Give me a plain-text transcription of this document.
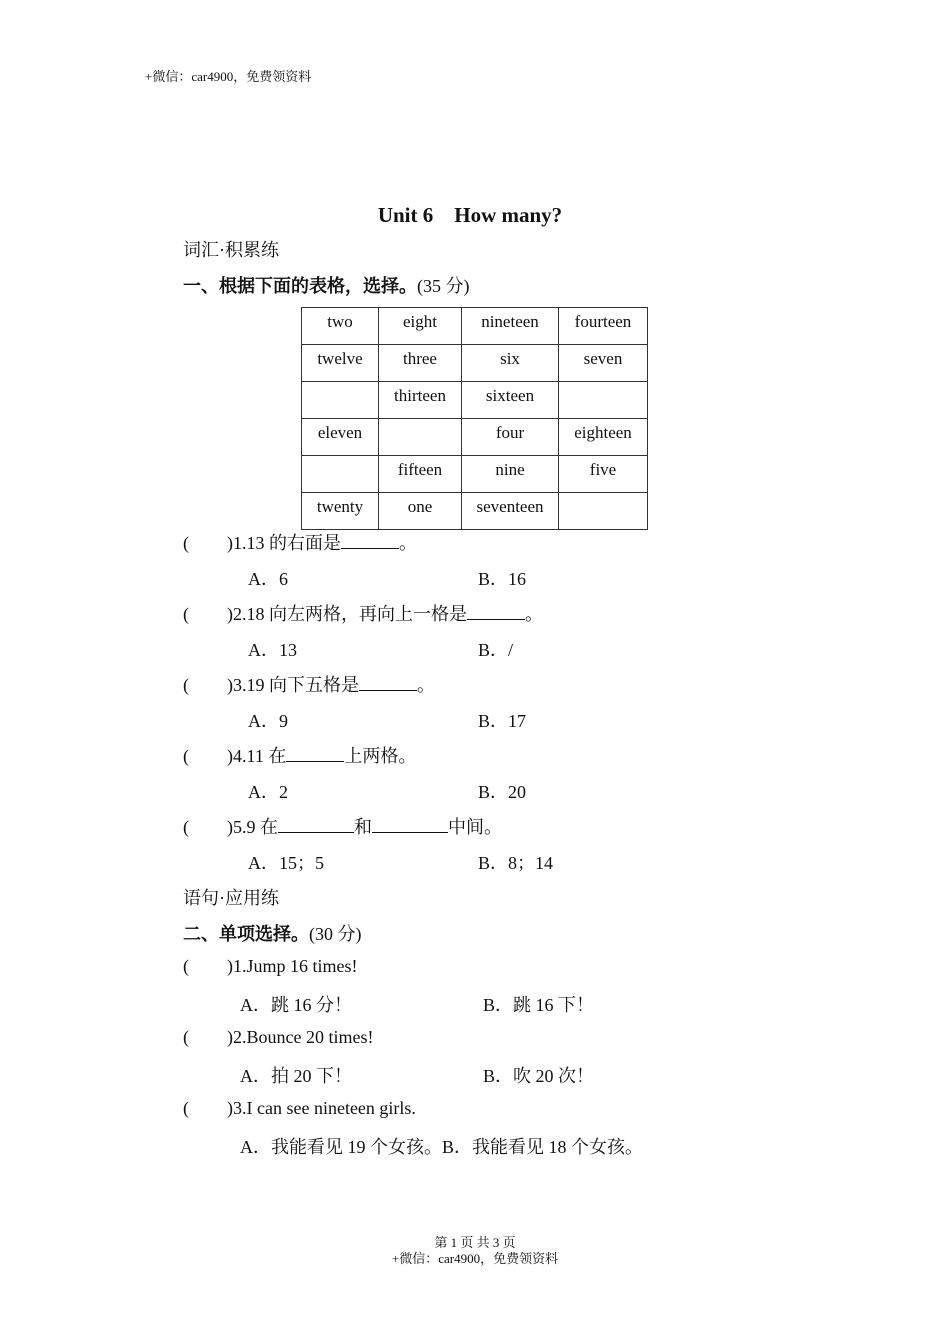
+微信：car4900，免费领资料
Unit 6　How many?
词汇·积累练
一、根据下面的表格，选择。(35 分)
two	eight	nineteen	fourteen
twelve	three	six	seven
	thirteen	sixteen	
eleven		four	eighteen
	fifteen	nine	five
twenty	one	seventeen	
( )1.13 的右面是	。
A．6	B．16
( )2.18 向左两格，再向上一格是	。
A．13	B．/
( )3.19 向下五格是	。
A．9	B．17
( )4.11 在	上两格。
A．2	B．20
( )5.9 在	和	中间。
A．15；5	B．8；14
语句·应用练
二、单项选择。(30 分)
( )1.Jump 16 times!
A．跳 16 分！	B．跳 16 下！
( )2.Bounce 20 times!
A．拍 20 下！	B．吹 20 次！
( )3.I can see nineteen girls.
A．我能看见 19 个女孩。B．我能看见 18 个女孩。
第 1 页 共 3 页
+微信：car4900，免费领资料
